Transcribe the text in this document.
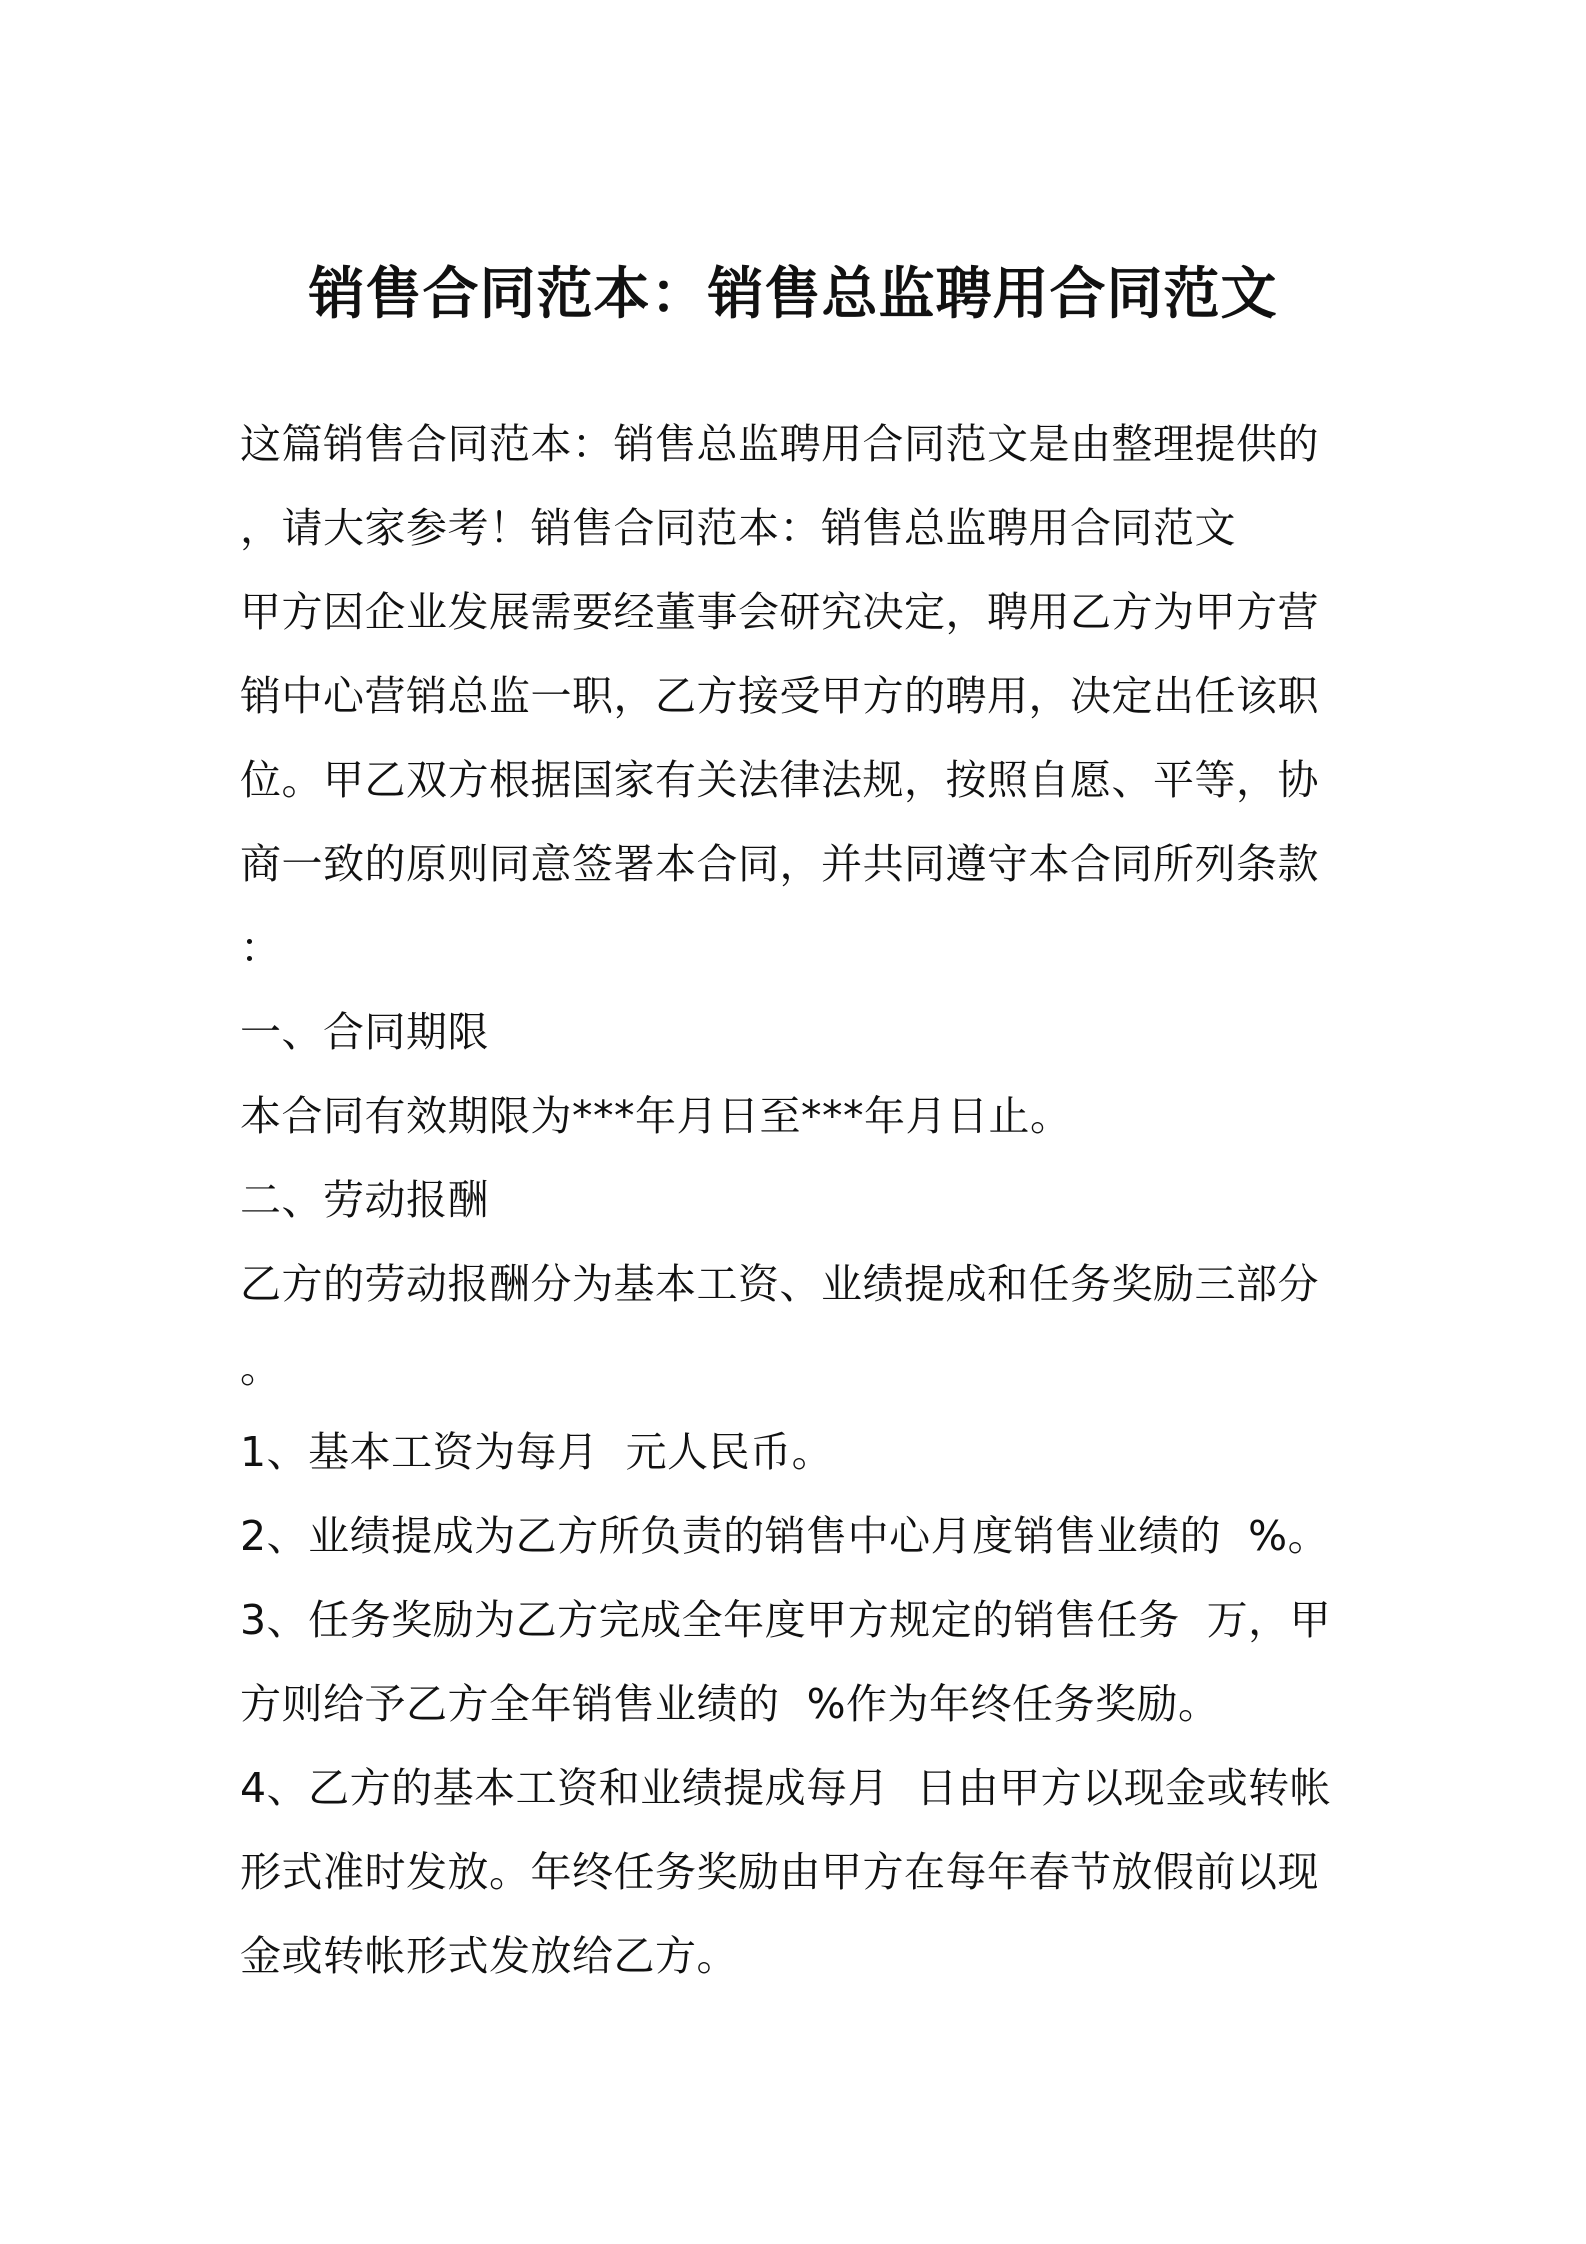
销售合同范本：销售总监聘用合同范文
这篇销售合同范本：销售总监聘用合同范文是由整理提供的
，请大家参考！销售合同范本：销售总监聘用合同范文
甲方因企业发展需要经董事会研究决定，聘用乙方为甲方营
销中心营销总监一职，乙方接受甲方的聘用，决定出任该职
位。甲乙双方根据国家有关法律法规，按照自愿、平等，协
商一致的原则同意签署本合同，并共同遵守本合同所列条款
：
一、合同期限
本合同有效期限为***年月日至***年月日止。
二、劳动报酬
乙方的劳动报酬分为基本工资、业绩提成和任务奖励三部分
。
1、基本工资为每月  元人民币。
2、业绩提成为乙方所负责的销售中心月度销售业绩的  %。
3、任务奖励为乙方完成全年度甲方规定的销售任务  万，甲
方则给予乙方全年销售业绩的  %作为年终任务奖励。
4、乙方的基本工资和业绩提成每月  日由甲方以现金或转帐
形式准时发放。年终任务奖励由甲方在每年春节放假前以现
金或转帐形式发放给乙方。
